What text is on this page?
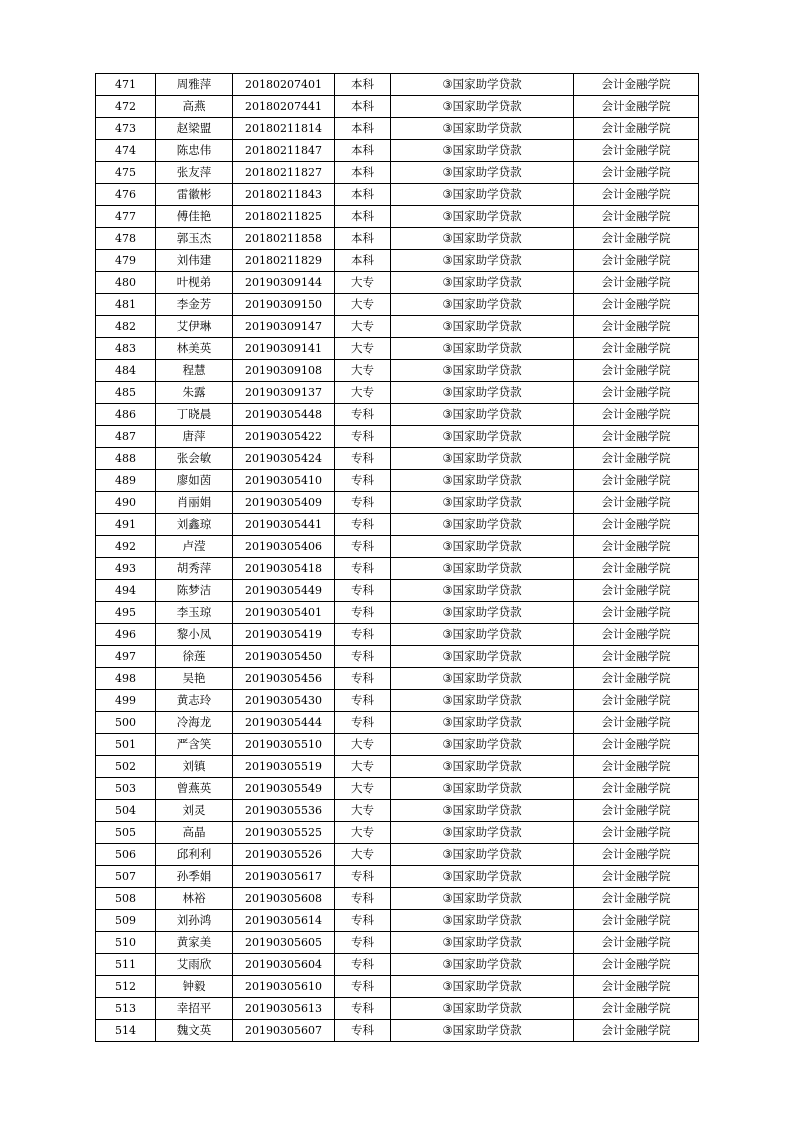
471	周雅萍	20180207401	本科	③国家助学贷款	会计金融学院
472	高燕	20180207441	本科	③国家助学贷款	会计金融学院
473	赵梁盟	20180211814	本科	③国家助学贷款	会计金融学院
474	陈忠伟	20180211847	本科	③国家助学贷款	会计金融学院
475	张友萍	20180211827	本科	③国家助学贷款	会计金融学院
476	雷徽彬	20180211843	本科	③国家助学贷款	会计金融学院
477	傅佳艳	20180211825	本科	③国家助学贷款	会计金融学院
478	郭玉杰	20180211858	本科	③国家助学贷款	会计金融学院
479	刘伟建	20180211829	本科	③国家助学贷款	会计金融学院
480	叶枧弟	20190309144	大专	③国家助学贷款	会计金融学院
481	李金芳	20190309150	大专	③国家助学贷款	会计金融学院
482	艾伊琳	20190309147	大专	③国家助学贷款	会计金融学院
483	林美英	20190309141	大专	③国家助学贷款	会计金融学院
484	程慧	20190309108	大专	③国家助学贷款	会计金融学院
485	朱露	20190309137	大专	③国家助学贷款	会计金融学院
486	丁晓晨	20190305448	专科	③国家助学贷款	会计金融学院
487	唐萍	20190305422	专科	③国家助学贷款	会计金融学院
488	张会敏	20190305424	专科	③国家助学贷款	会计金融学院
489	廖如茵	20190305410	专科	③国家助学贷款	会计金融学院
490	肖丽娟	20190305409	专科	③国家助学贷款	会计金融学院
491	刘鑫琼	20190305441	专科	③国家助学贷款	会计金融学院
492	卢滢	20190305406	专科	③国家助学贷款	会计金融学院
493	胡秀萍	20190305418	专科	③国家助学贷款	会计金融学院
494	陈梦洁	20190305449	专科	③国家助学贷款	会计金融学院
495	李玉琼	20190305401	专科	③国家助学贷款	会计金融学院
496	黎小凤	20190305419	专科	③国家助学贷款	会计金融学院
497	徐莲	20190305450	专科	③国家助学贷款	会计金融学院
498	吴艳	20190305456	专科	③国家助学贷款	会计金融学院
499	黄志玲	20190305430	专科	③国家助学贷款	会计金融学院
500	冷海龙	20190305444	专科	③国家助学贷款	会计金融学院
501	严含笑	20190305510	大专	③国家助学贷款	会计金融学院
502	刘镇	20190305519	大专	③国家助学贷款	会计金融学院
503	曾燕英	20190305549	大专	③国家助学贷款	会计金融学院
504	刘灵	20190305536	大专	③国家助学贷款	会计金融学院
505	高晶	20190305525	大专	③国家助学贷款	会计金融学院
506	邱利利	20190305526	大专	③国家助学贷款	会计金融学院
507	孙季娟	20190305617	专科	③国家助学贷款	会计金融学院
508	林裕	20190305608	专科	③国家助学贷款	会计金融学院
509	刘孙鸿	20190305614	专科	③国家助学贷款	会计金融学院
510	黄家美	20190305605	专科	③国家助学贷款	会计金融学院
511	艾雨欣	20190305604	专科	③国家助学贷款	会计金融学院
512	钟毅	20190305610	专科	③国家助学贷款	会计金融学院
513	幸招平	20190305613	专科	③国家助学贷款	会计金融学院
514	魏文英	20190305607	专科	③国家助学贷款	会计金融学院
